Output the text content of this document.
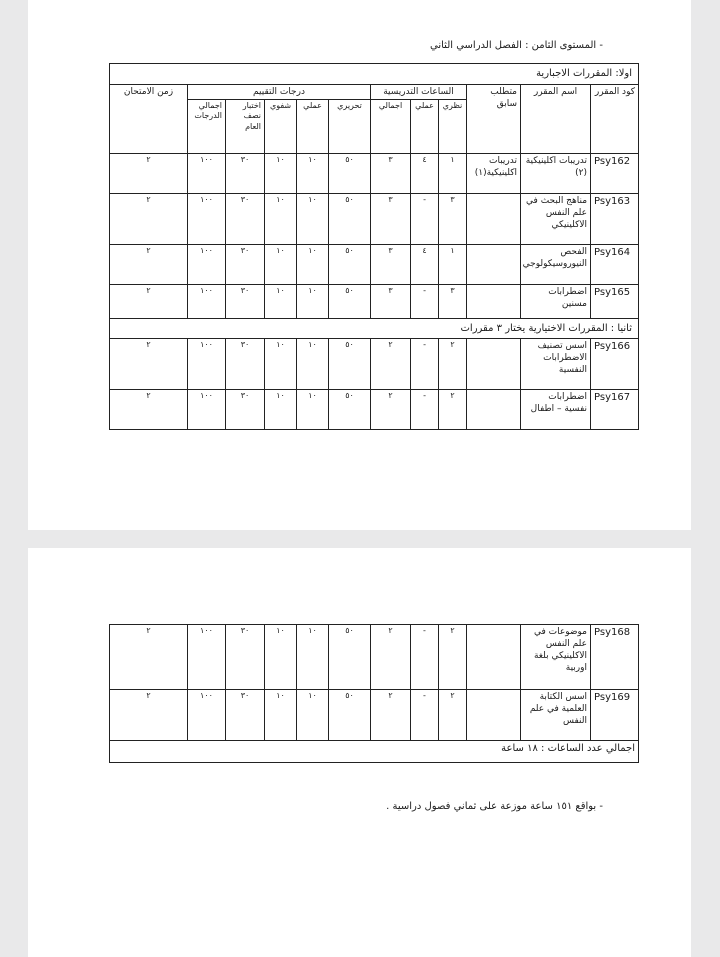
- المستوى الثامن : الفصل الدراسي الثاني
اولا: المقررات الاجبارية											
كود المقرر	اسم المقرر	متطلب سابق	الساعات التدريسية			درجات التقييم					زمن الامتحان
			نظري	عملي	اجمالي	تحريري	عملي	شفوي	اختبار نصف العام	اجمالي الدرجات	
Psy162	تدريبات اكلينيكية (٢)	تدريبات اكلينيكية(١)	١	٤	٣	٥٠	١٠	١٠	٣٠	١٠٠	٢
Psy163	مناهج البحث في علم النفس الاكلينيكي		٣	-	٣	٥٠	١٠	١٠	٣٠	١٠٠	٢
Psy164	الفحص النيوروسيكولوجي		١	٤	٣	٥٠	١٠	١٠	٣٠	١٠٠	٢
Psy165	اضطرابات مسنين		٣	-	٣	٥٠	١٠	١٠	٣٠	١٠٠	٢
ثانيا : المقررات الاختيارية يختار ٣ مقررات											
Psy166	اسس تصنيف الاضطرابات النفسية		٢	-	٢	٥٠	١٠	١٠	٣٠	١٠٠	٢
Psy167	اضطرابات نفسية – اطفال		٢	-	٢	٥٠	١٠	١٠	٣٠	١٠٠	٢
Psy168	موضوعات في علم النفس الاكلينيكي بلغة اوربية		٢	-	٢	٥٠	١٠	١٠	٣٠	١٠٠	٢
Psy169	اسس الكتابة العلمية في علم النفس		٢	-	٢	٥٠	١٠	١٠	٣٠	١٠٠	٢
اجمالي عدد الساعات : ١٨ ساعة											
- بواقع ١٥١ ساعة موزعة على ثماني فصول دراسية .
